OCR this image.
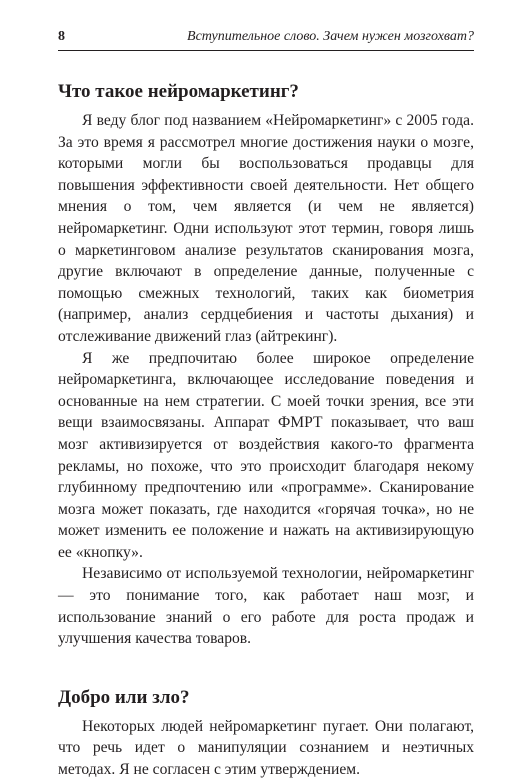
8	Вступительное слово. Зачем нужен мозгохват?
Что такое нейромаркетинг?

Я веду блог под названием «Нейромаркетинг» с 2005 года. За это время я рассмотрел многие достижения науки о мозге, которыми могли бы воспользоваться продавцы для повышения эффективности своей деятельности. Нет общего мнения о том, чем является (и чем не является) нейромаркетинг. Одни используют этот термин, говоря лишь о маркетинговом анализе результатов сканирования мозга, другие включают в определение данные, полученные с помощью смежных технологий, таких как биометрия (например, анализ сердцебиения и частоты дыхания) и отслеживание движений глаз (айтрекинг).

Я же предпочитаю более широкое определение нейромаркетинга, включающее исследование поведения и основанные на нем стратегии. С моей точки зрения, все эти вещи взаимосвязаны. Аппарат ФМРТ показывает, что ваш мозг активизируется от воздействия какого-то фрагмента рекламы, но похоже, что это происходит благодаря некому глубинному предпочтению или «программе». Сканирование мозга может показать, где находится «горячая точка», но не может изменить ее положение и нажать на активизирующую ее «кнопку».

Независимо от используемой технологии, нейромаркетинг — это понимание того, как работает наш мозг, и использование знаний о его работе для роста продаж и улучшения качества товаров.

Добро или зло?

Некоторых людей нейромаркетинг пугает. Они полагают, что речь идет о манипуляции сознанием и неэтичных методах. Я не согласен с этим утверждением.
